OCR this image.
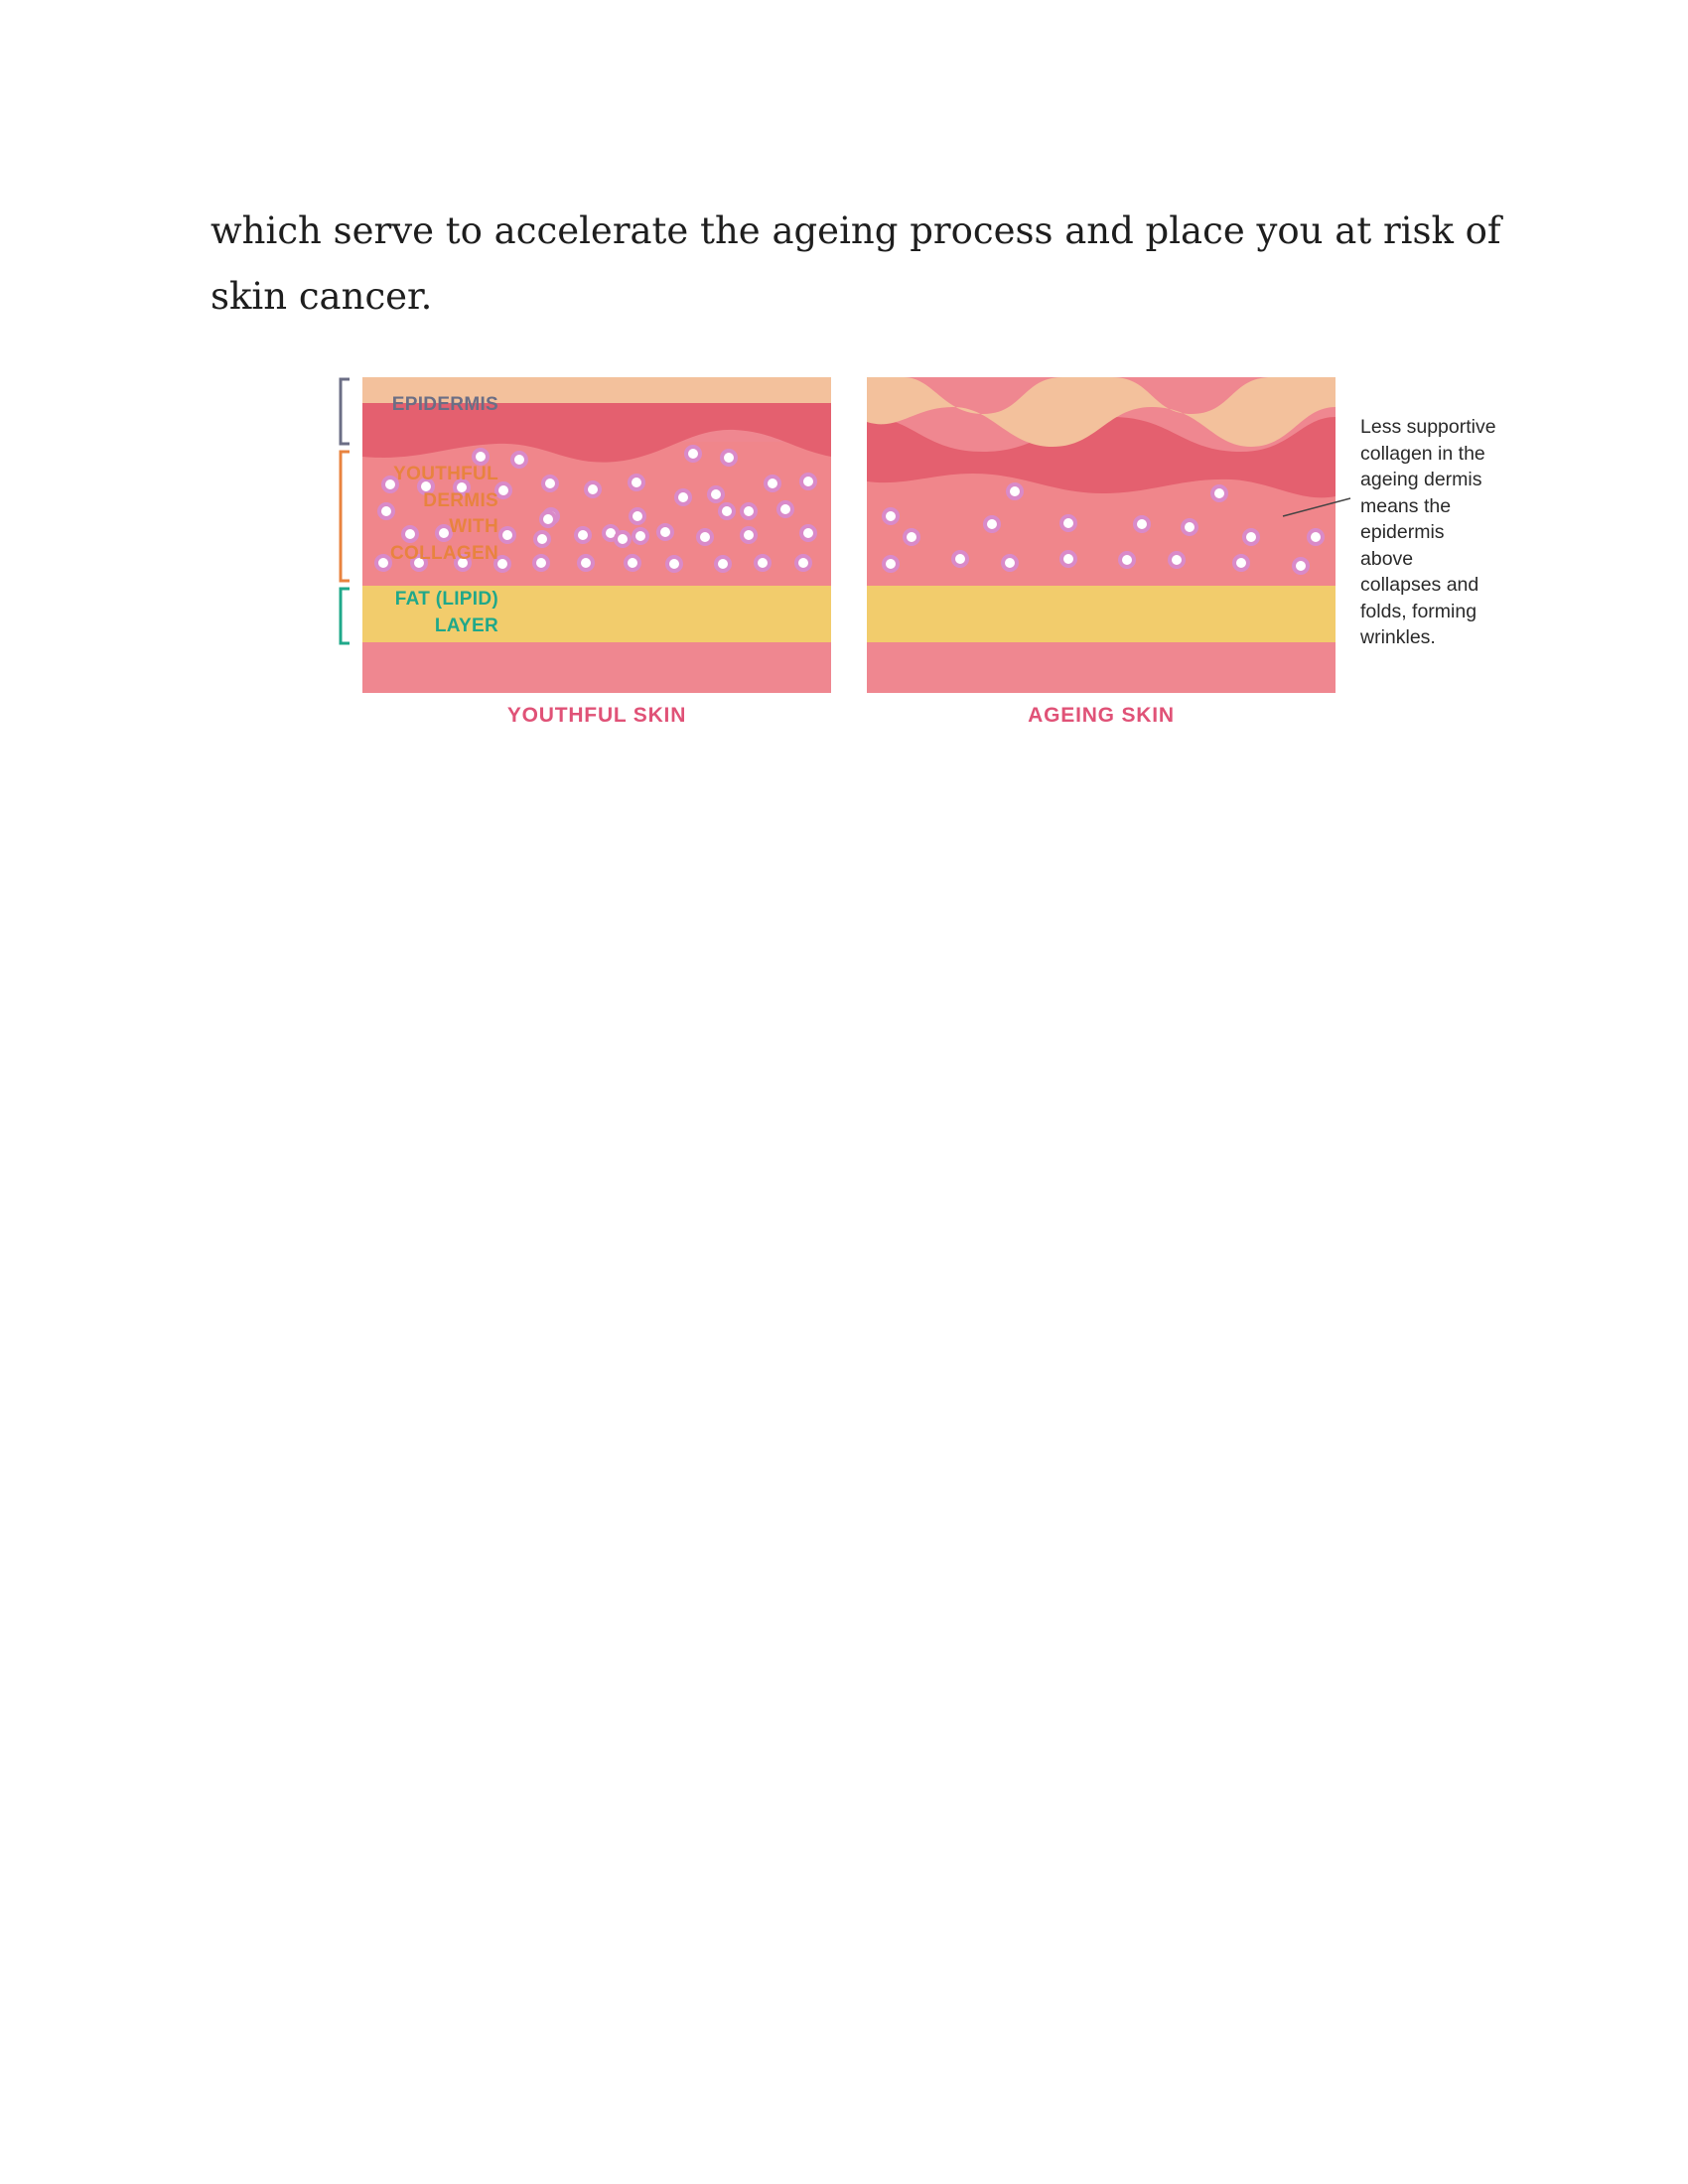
which serve to accelerate the ageing process and place you at risk of skin cancer.

EPIDERMIS
YOUTHFUL
DERMIS
WITH
COLLAGEN
FAT (LIPID)
LAYER
YOUTHFUL SKIN	AGEING SKIN
Less supportive
collagen in the
ageing dermis
means the
epidermis above
collapses and
folds, forming
wrinkles.
